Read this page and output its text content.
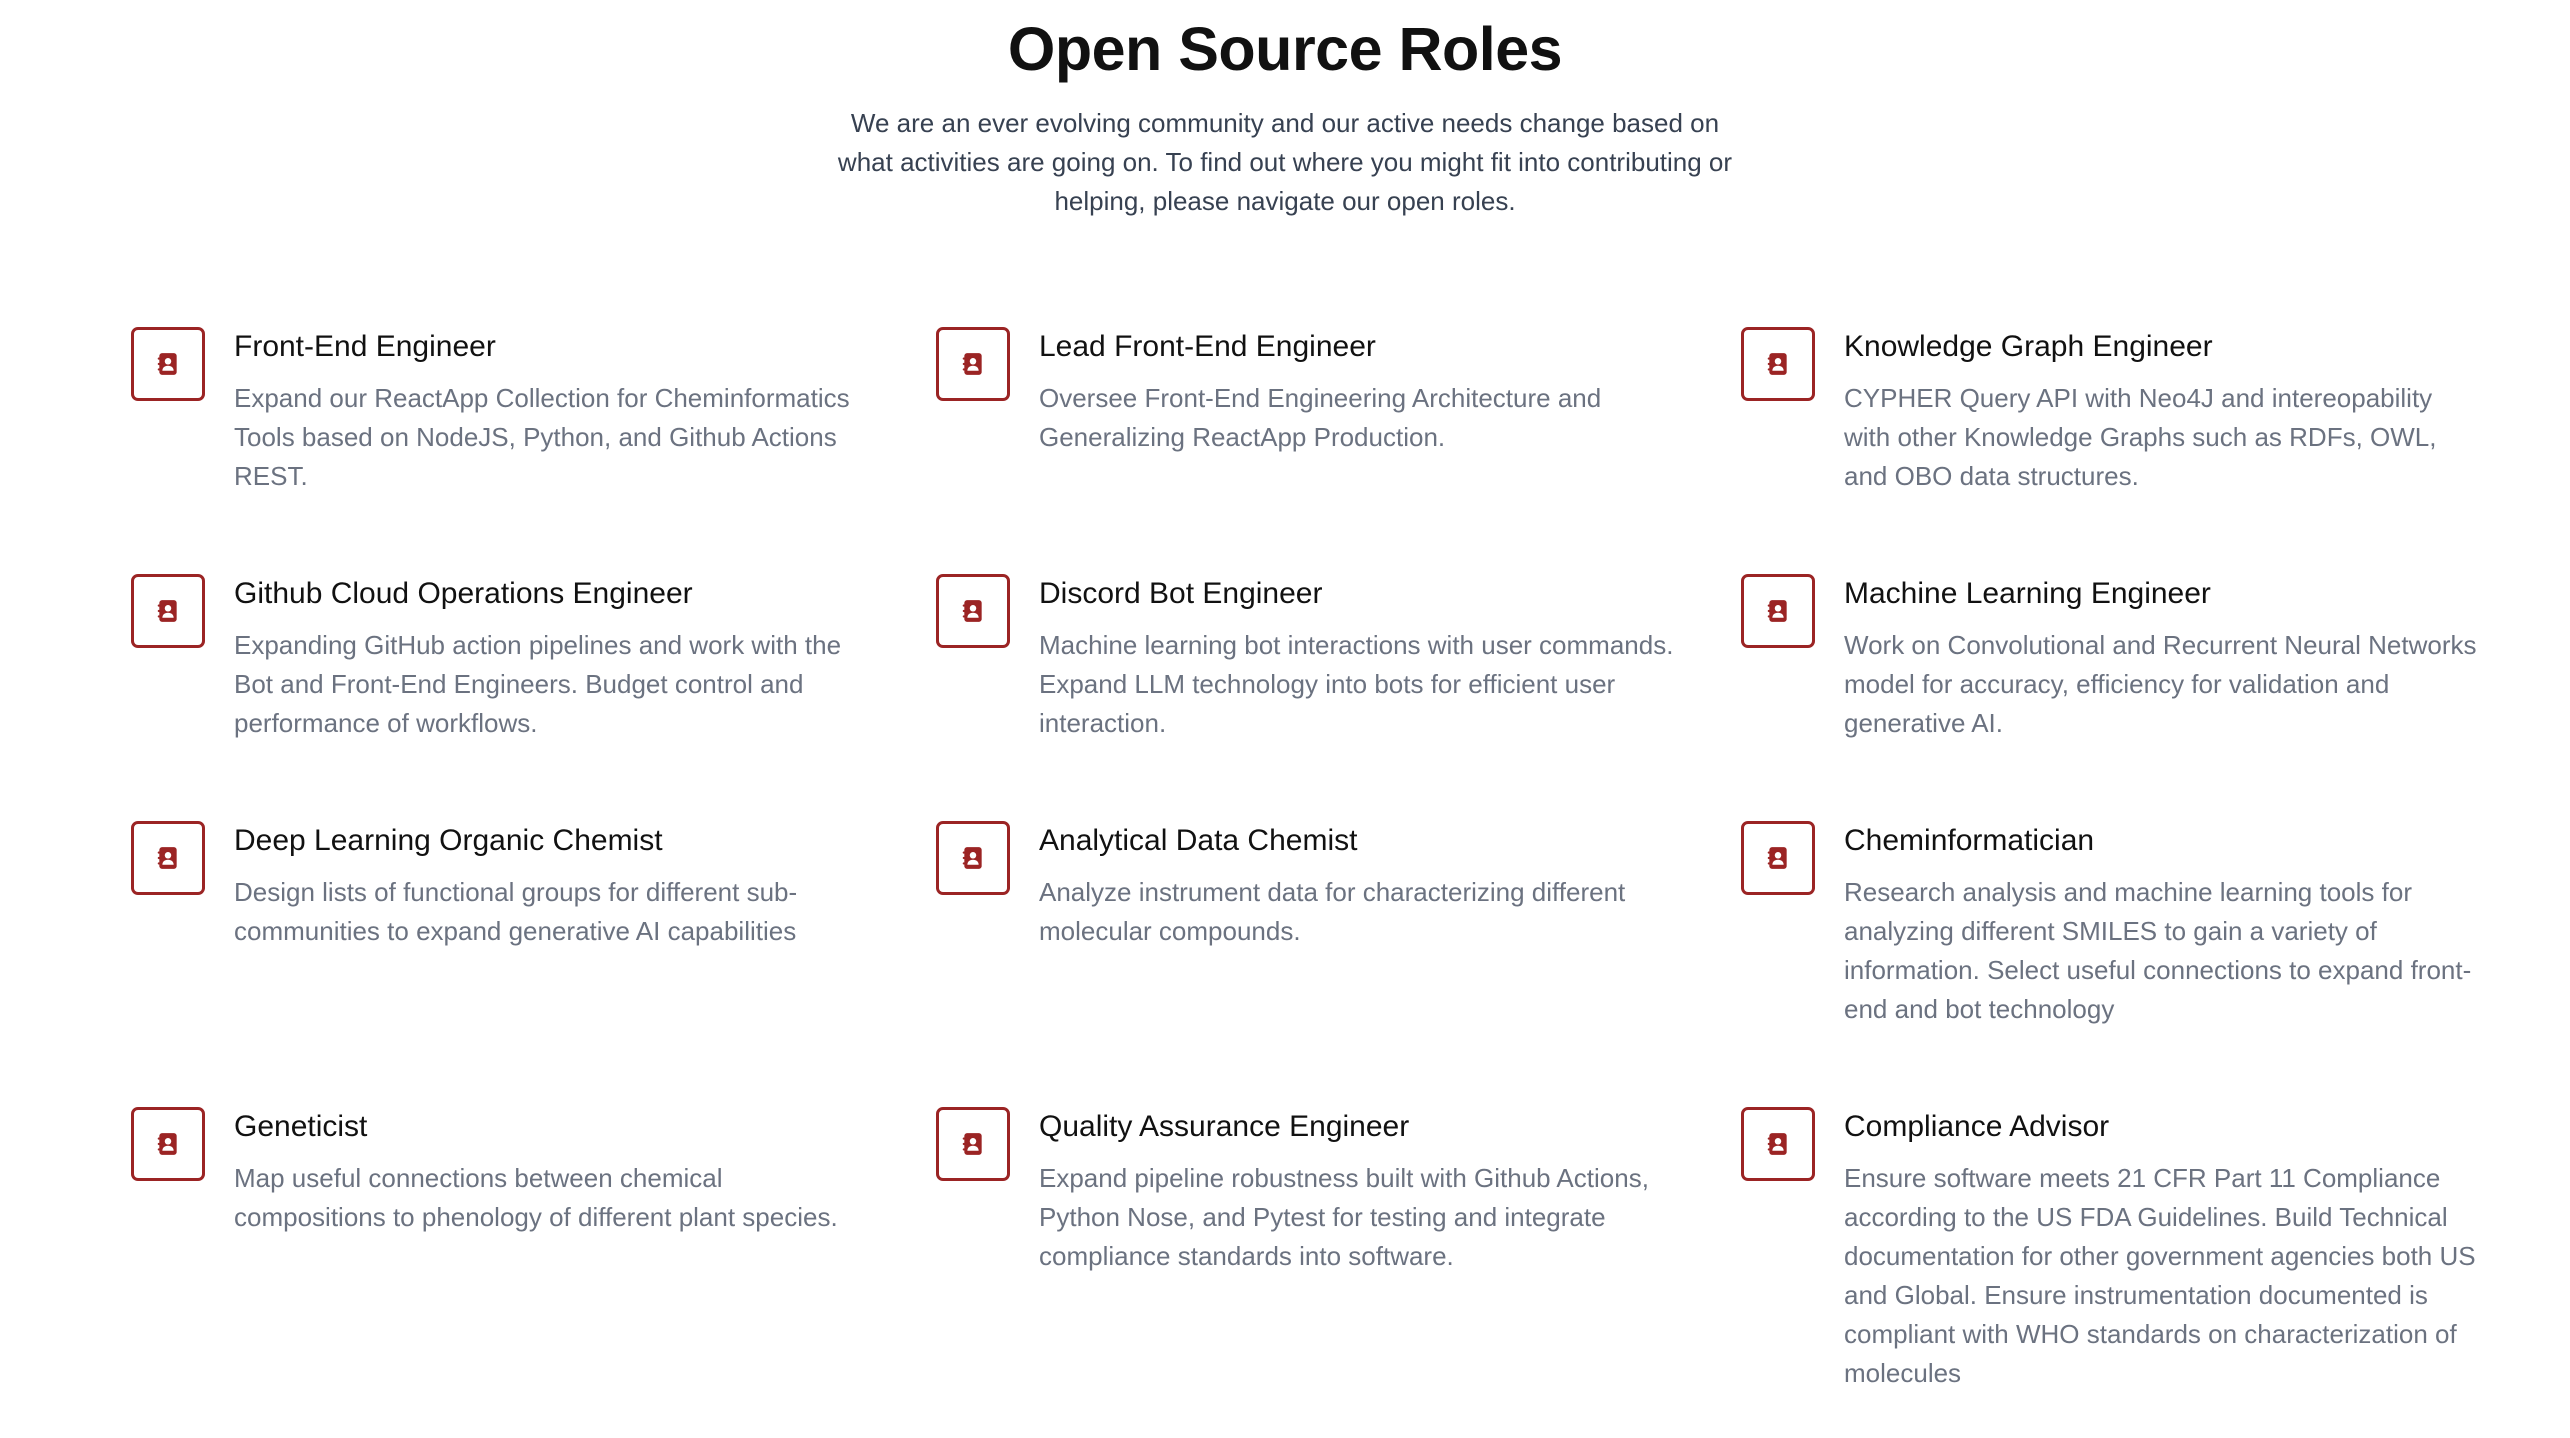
Open Source Roles

We are an ever evolving community and our active needs change based on what activities are going on. To find out where you might fit into contributing or helping, please navigate our open roles.

Front-End Engineer

Expand our ReactApp Collection for Cheminformatics Tools based on NodeJS, Python, and Github Actions REST.

Lead Front-End Engineer

Oversee Front-End Engineering Architecture and Generalizing ReactApp Production.

Knowledge Graph Engineer

CYPHER Query API with Neo4J and intereopability with other Knowledge Graphs such as RDFs, OWL, and OBO data structures.

Github Cloud Operations Engineer

Expanding GitHub action pipelines and work with the Bot and Front-End Engineers. Budget control and performance of workflows.

Discord Bot Engineer

Machine learning bot interactions with user commands. Expand LLM technology into bots for efficient user interaction.

Machine Learning Engineer

Work on Convolutional and Recurrent Neural Networks model for accuracy, efficiency for validation and generative AI.

Deep Learning Organic Chemist

Design lists of functional groups for different sub-communities to expand generative AI capabilities

Analytical Data Chemist

Analyze instrument data for characterizing different molecular compounds.

Cheminformatician

Research analysis and machine learning tools for analyzing different SMILES to gain a variety of information. Select useful connections to expand front-end and bot technology

Geneticist

Map useful connections between chemical compositions to phenology of different plant species.

Quality Assurance Engineer

Expand pipeline robustness built with Github Actions, Python Nose, and Pytest for testing and integrate compliance standards into software.

Compliance Advisor

Ensure software meets 21 CFR Part 11 Compliance according to the US FDA Guidelines. Build Technical documentation for other government agencies both US and Global. Ensure instrumentation documented is compliant with WHO standards on characterization of molecules
